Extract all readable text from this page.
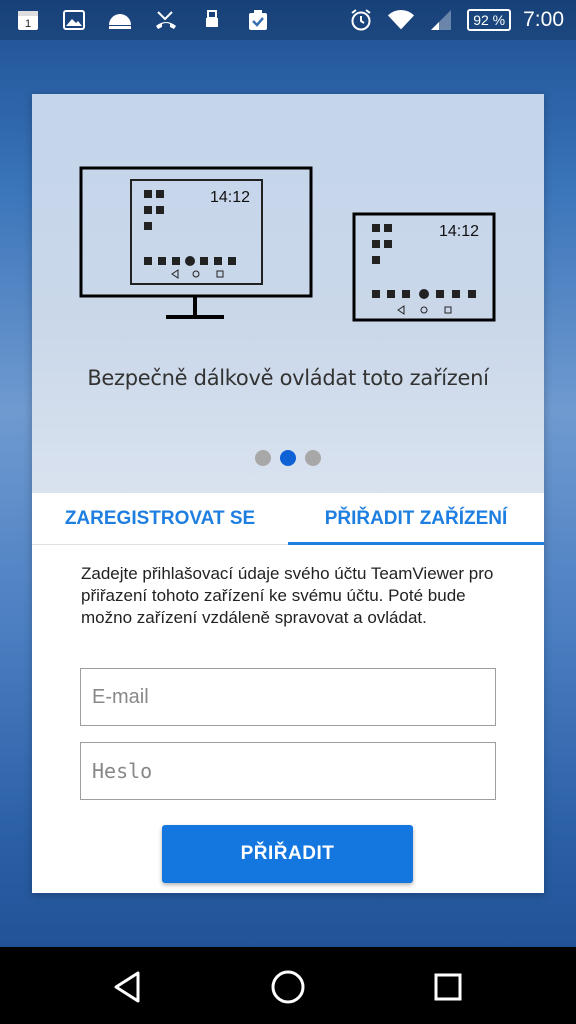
1	92 % 7:00
14:12
14:12
Bezpečně dálkově ovládat toto zařízení
ZAREGISTROVAT SE	PŘIŘADIT ZAŘÍZENÍ
Zadejte přihlašovací údaje svého účtu TeamViewer pro přiřazení tohoto zařízení ke svému účtu. Poté bude možno zařízení vzdáleně spravovat a ovládat.
E-mail
Heslo
PŘIŘADIT
